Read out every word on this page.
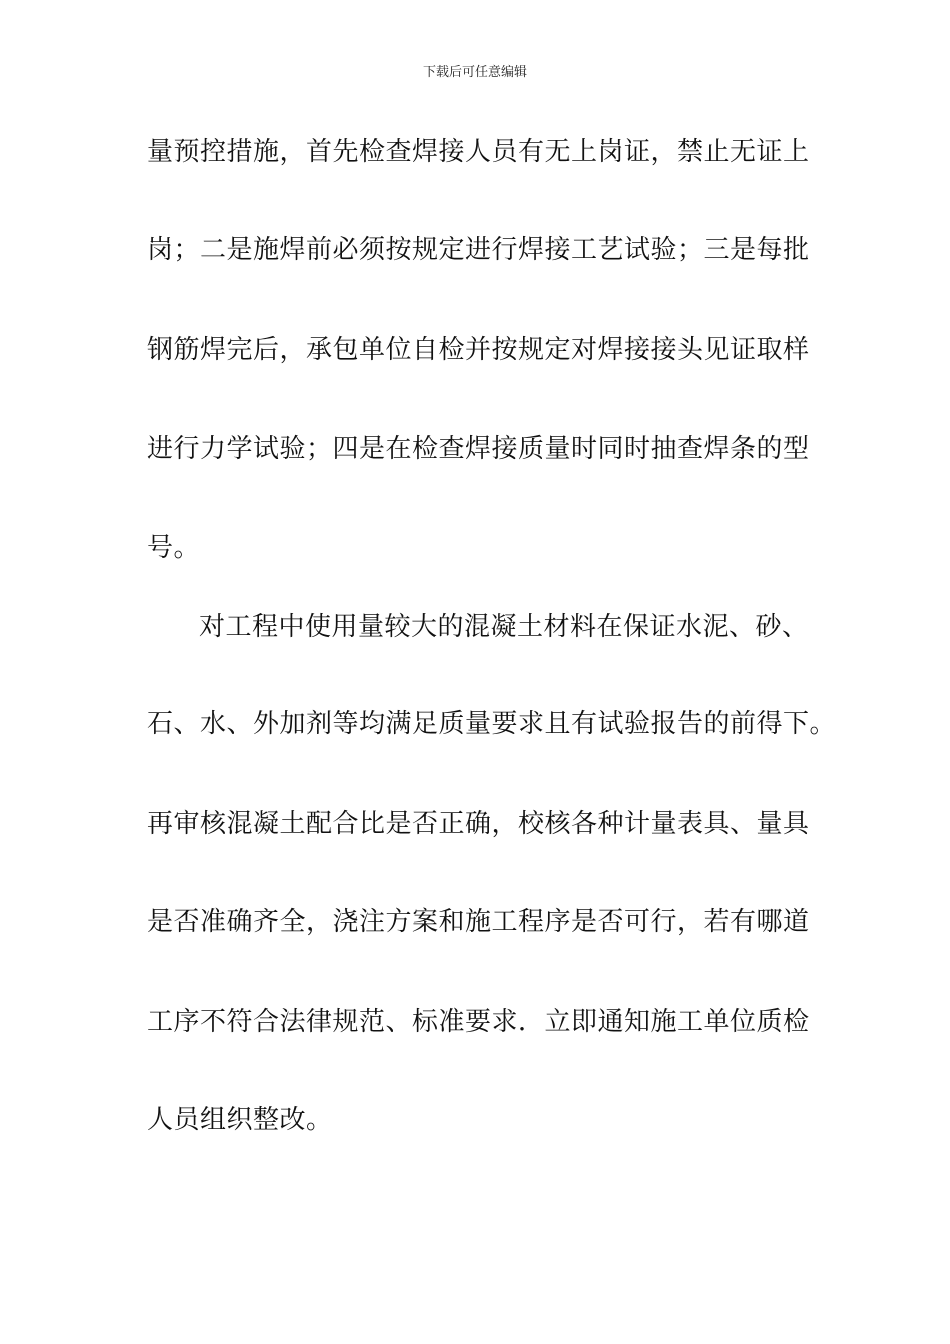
下载后可任意编辑
量预控措施，首先检查焊接人员有无上岗证，禁止无证上
岗；二是施焊前必须按规定进行焊接工艺试验；三是每批
钢筋焊完后，承包单位自检并按规定对焊接接头见证取样
进行力学试验；四是在检查焊接质量时同时抽查焊条的型
号。
对工程中使用量较大的混凝土材料在保证水泥、砂、
石、水、外加剂等均满足质量要求且有试验报告的前得下。
再审核混凝土配合比是否正确，校核各种计量表具、量具
是否准确齐全，浇注方案和施工程序是否可行，若有哪道
工序不符合法律规范、标准要求．立即通知施工单位质检
人员组织整改。
